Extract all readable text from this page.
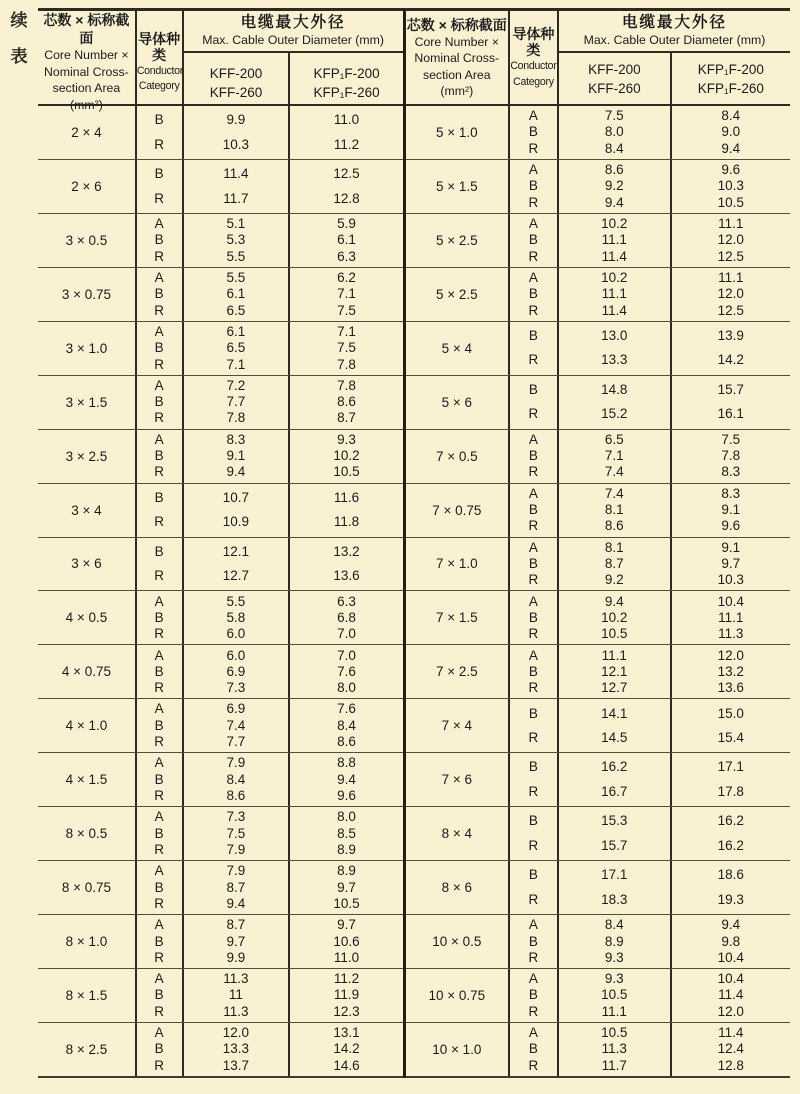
续
表
芯数 × 标称截面
Core Number ×
Nominal Cross-
section Area
(mm²)
导体种
类
Conductor
Category
电缆最大外径
Max. Cable Outer Diameter (mm)
KFF-200
KFF-260
KFP₁F-200
KFP₁F-260
2 × 4
B
R
9.9
10.3
11.0
11.2
2 × 6
B
R
11.4
11.7
12.5
12.8
3 × 0.5
A
B
R
5.1
5.3
5.5
5.9
6.1
6.3
3 × 0.75
A
B
R
5.5
6.1
6.5
6.2
7.1
7.5
3 × 1.0
A
B
R
6.1
6.5
7.1
7.1
7.5
7.8
3 × 1.5
A
B
R
7.2
7.7
7.8
7.8
8.6
8.7
3 × 2.5
A
B
R
8.3
9.1
9.4
9.3
10.2
10.5
3 × 4
B
R
10.7
10.9
11.6
11.8
3 × 6
B
R
12.1
12.7
13.2
13.6
4 × 0.5
A
B
R
5.5
5.8
6.0
6.3
6.8
7.0
4 × 0.75
A
B
R
6.0
6.9
7.3
7.0
7.6
8.0
4 × 1.0
A
B
R
6.9
7.4
7.7
7.6
8.4
8.6
4 × 1.5
A
B
R
7.9
8.4
8.6
8.8
9.4
9.6
8 × 0.5
A
B
R
7.3
7.5
7.9
8.0
8.5
8.9
8 × 0.75
A
B
R
7.9
8.7
9.4
8.9
9.7
10.5
8 × 1.0
A
B
R
8.7
9.7
9.9
9.7
10.6
11.0
8 × 1.5
A
B
R
11.3
11
11.3
11.2
11.9
12.3
8 × 2.5
A
B
R
12.0
13.3
13.7
13.1
14.2
14.6
芯数 × 标称截面
Core Number ×
Nominal Cross-
section Area
(mm²)
导体种
类
Conductor
Category
电缆最大外径
Max. Cable Outer Diameter (mm)
KFF-200
KFF-260
KFP₁F-200
KFP₁F-260
5 × 1.0
A
B
R
7.5
8.0
8.4
8.4
9.0
9.4
5 × 1.5
A
B
R
8.6
9.2
9.4
9.6
10.3
10.5
5 × 2.5
A
B
R
10.2
11.1
11.4
11.1
12.0
12.5
5 × 2.5
A
B
R
10.2
11.1
11.4
11.1
12.0
12.5
5 × 4
B
R
13.0
13.3
13.9
14.2
5 × 6
B
R
14.8
15.2
15.7
16.1
7 × 0.5
A
B
R
6.5
7.1
7.4
7.5
7.8
8.3
7 × 0.75
A
B
R
7.4
8.1
8.6
8.3
9.1
9.6
7 × 1.0
A
B
R
8.1
8.7
9.2
9.1
9.7
10.3
7 × 1.5
A
B
R
9.4
10.2
10.5
10.4
11.1
11.3
7 × 2.5
A
B
R
11.1
12.1
12.7
12.0
13.2
13.6
7 × 4
B
R
14.1
14.5
15.0
15.4
7 × 6
B
R
16.2
16.7
17.1
17.8
8 × 4
B
R
15.3
15.7
16.2
16.2
8 × 6
B
R
17.1
18.3
18.6
19.3
10 × 0.5
A
B
R
8.4
8.9
9.3
9.4
9.8
10.4
10 × 0.75
A
B
R
9.3
10.5
11.1
10.4
11.4
12.0
10 × 1.0
A
B
R
10.5
11.3
11.7
11.4
12.4
12.8
